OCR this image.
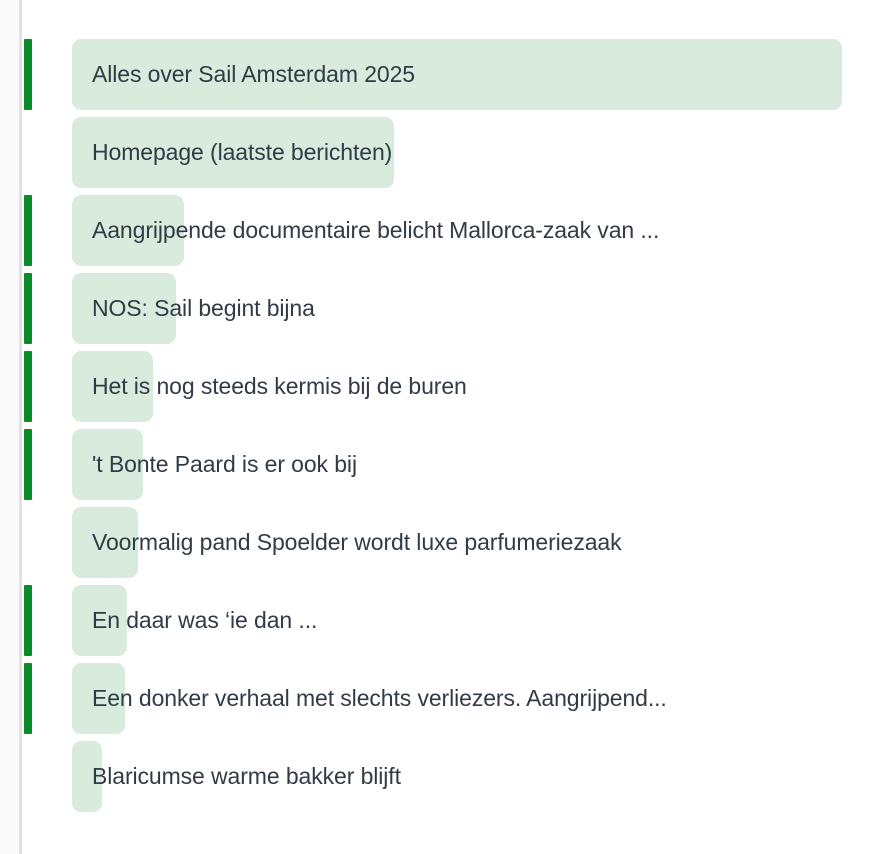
Alles over Sail Amsterdam 2025
Homepage (laatste berichten)
Aangrijpende documentaire belicht Mallorca-zaak van ...
NOS: Sail begint bijna
Het is nog steeds kermis bij de buren
't Bonte Paard is er ook bij
Voormalig pand Spoelder wordt luxe parfumeriezaak
En daar was ‘ie dan ...
Een donker verhaal met slechts verliezers. Aangrijpend...
Blaricumse warme bakker blijft
